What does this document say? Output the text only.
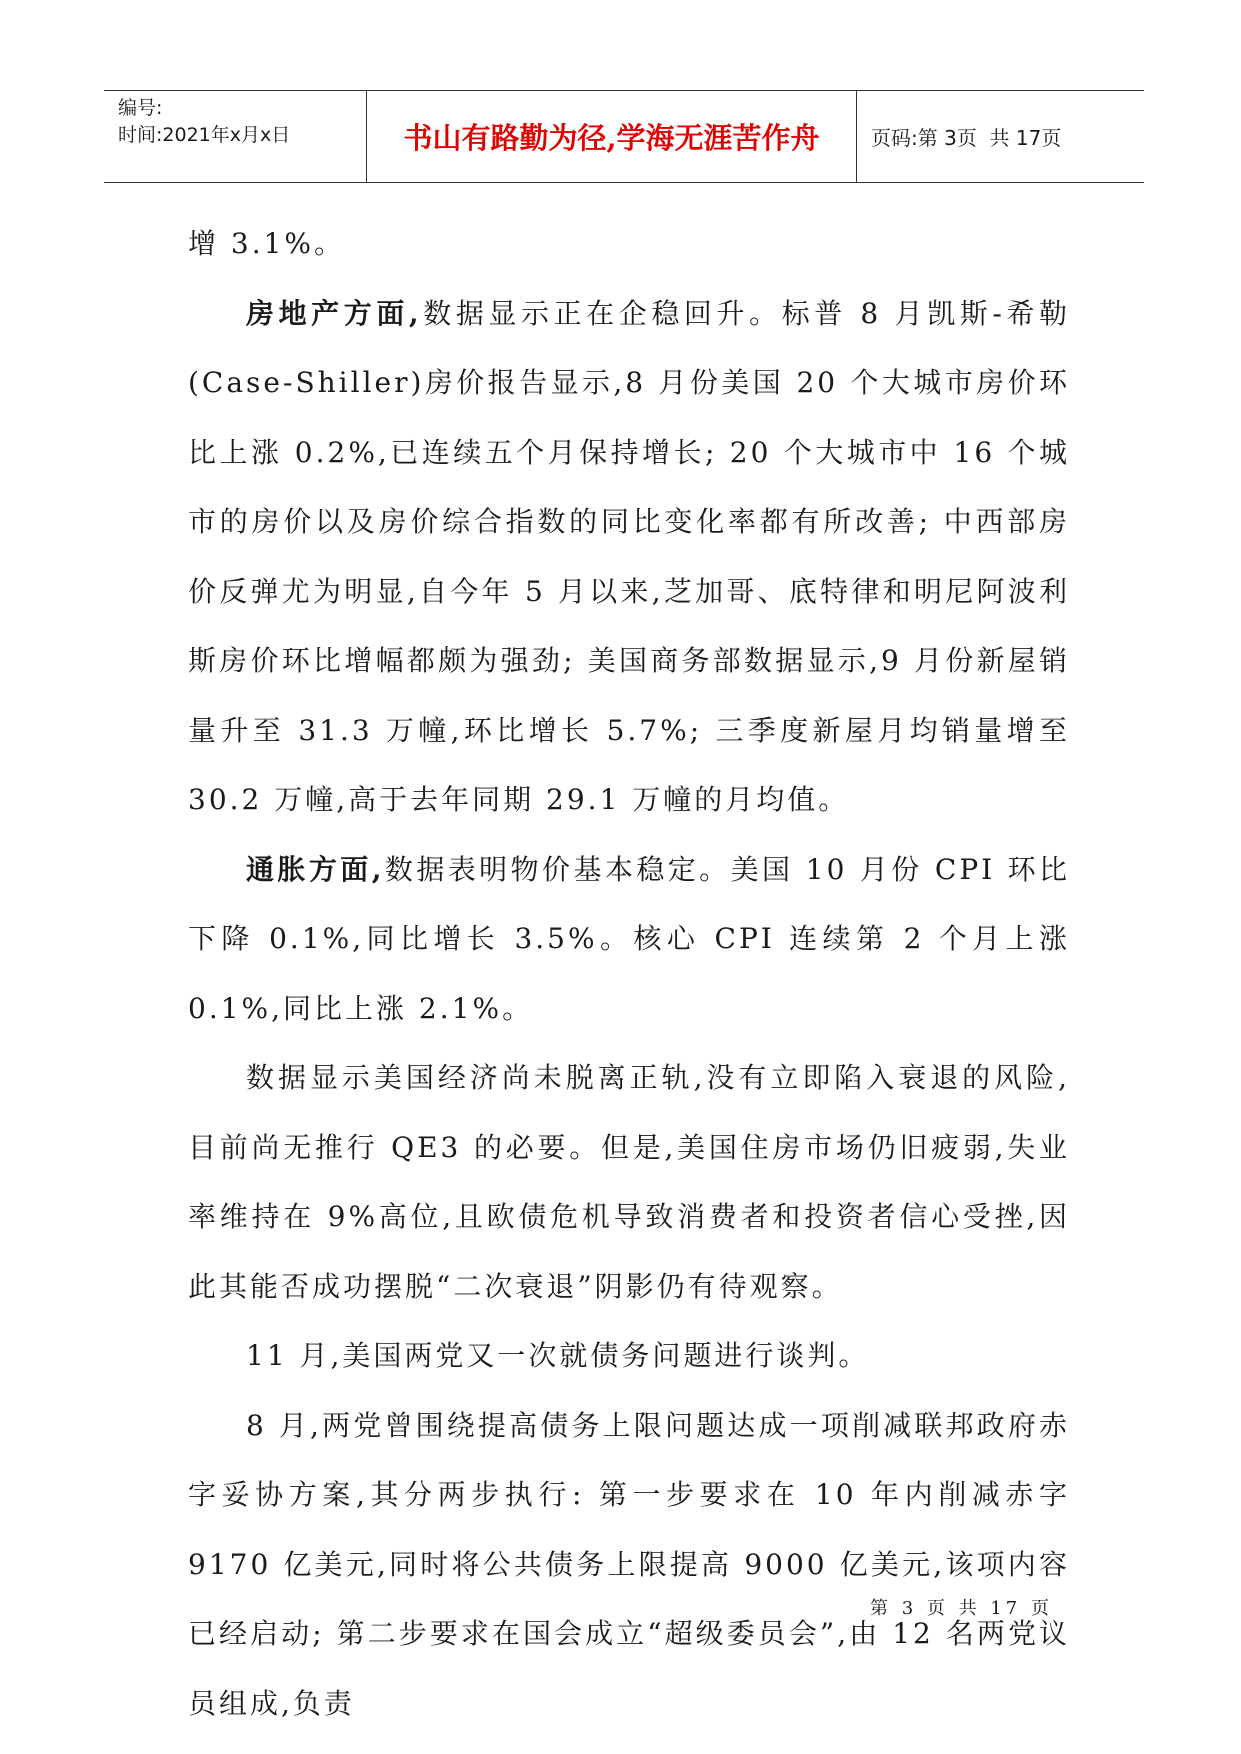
编号:
时间:2021年x月x日	书山有路勤为径,学海无涯苦作舟	页码:第 3页  共 17页

增 3.1%。

房地产方面,数据显示正在企稳回升。标普 8 月凯斯-希勒(Case-Shiller)房价报告显示,8 月份美国 20 个大城市房价环比上涨 0.2%,已连续五个月保持增长; 20 个大城市中 16 个城市的房价以及房价综合指数的同比变化率都有所改善; 中西部房价反弹尤为明显,自今年 5 月以来,芝加哥、底特律和明尼阿波利斯房价环比增幅都颇为强劲; 美国商务部数据显示,9 月份新屋销量升至 31.3 万幢,环比增长 5.7%; 三季度新屋月均销量增至 30.2 万幢,高于去年同期 29.1 万幢的月均值。

通胀方面,数据表明物价基本稳定。美国 10 月份 CPI 环比下降 0.1%,同比增长 3.5%。核心 CPI 连续第 2 个月上涨 0.1%,同比上涨 2.1%。

数据显示美国经济尚未脱离正轨,没有立即陷入衰退的风险,目前尚无推行 QE3 的必要。但是,美国住房市场仍旧疲弱,失业率维持在 9%高位,且欧债危机导致消费者和投资者信心受挫,因此其能否成功摆脱“二次衰退”阴影仍有待观察。

11 月,美国两党又一次就债务问题进行谈判。

8 月,两党曾围绕提高债务上限问题达成一项削减联邦政府赤字妥协方案,其分两步执行: 第一步要求在 10 年内削减赤字 9170 亿美元,同时将公共债务上限提高 9000 亿美元,该项内容已经启动; 第二步要求在国会成立“超级委员会”,由 12 名两党议员组成,负责

第 3 页 共 17 页
